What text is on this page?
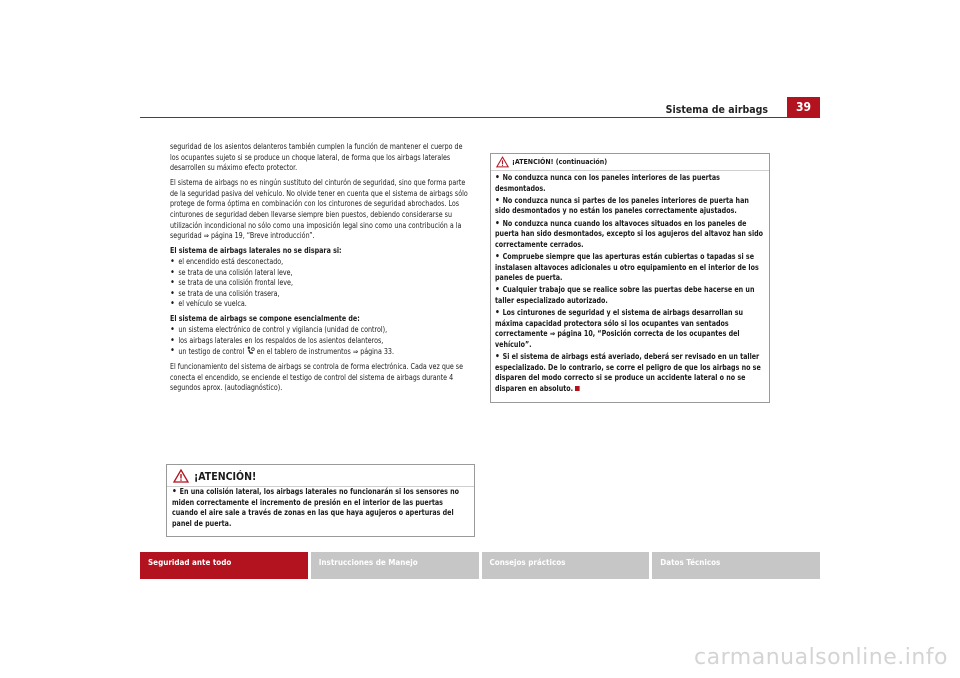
Sistema de airbags	39

seguridad de los asientos delanteros también cumplen la función de mantener el cuerpo de los ocupantes sujeto si se produce un choque lateral, de forma que los airbags laterales desarrollen su máximo efecto protector.

El sistema de airbags no es ningún sustituto del cinturón de seguridad, sino que forma parte de la seguridad pasiva del vehículo. No olvide tener en cuenta que el sistema de airbags sólo protege de forma óptima en combinación con los cinturones de seguridad abrochados. Los cinturones de seguridad deben llevarse siempre bien puestos, debiendo considerarse su utilización incondicional no sólo como una imposición legal sino como una contribución a la seguridad ⇒ página 19, “Breve introducción”.

El sistema de airbags laterales no se dispara si:

• el encendido está desconectado,
• se trata de una colisión lateral leve,
• se trata de una colisión frontal leve,
• se trata de una colisión trasera,
• el vehículo se vuelca.

El sistema de airbags se compone esencialmente de:

• un sistema electrónico de control y vigilancia (unidad de control),
• los airbags laterales en los respaldos de los asientos delanteros,
• un testigo de control en el tablero de instrumentos ⇒ página 33.

El funcionamiento del sistema de airbags se controla de forma electrónica. Cada vez que se conecta el encendido, se enciende el testigo de control del sistema de airbags durante 4 segundos aprox. (autodiagnóstico).

¡ATENCIÓN!
• En una colisión lateral, los airbags laterales no funcionarán si los sensores no miden correctamente el incremento de presión en el interior de las puertas cuando el aire sale a través de zonas en las que haya agujeros o aperturas del panel de puerta.
¡ATENCIÓN! (continuación)
• No conduzca nunca con los paneles interiores de las puertas desmontados.
• No conduzca nunca si partes de los paneles interiores de puerta han sido desmontados y no están los paneles correctamente ajustados.
• No conduzca nunca cuando los altavoces situados en los paneles de puerta han sido desmontados, excepto si los agujeros del altavoz han sido correctamente cerrados.
• Compruebe siempre que las aperturas están cubiertas o tapadas si se instalasen altavoces adicionales u otro equipamiento en el interior de los paneles de puerta.
• Cualquier trabajo que se realice sobre las puertas debe hacerse en un taller especializado autorizado.
• Los cinturones de seguridad y el sistema de airbags desarrollan su máxima capacidad protectora sólo si los ocupantes van sentados correctamente ⇒ página 10, “Posición correcta de los ocupantes del vehículo”.
• Si el sistema de airbags está averiado, deberá ser revisado en un taller especializado. De lo contrario, se corre el peligro de que los airbags no se disparen del modo correcto si se produce un accidente lateral o no se disparen en absoluto.
Seguridad ante todo	Instrucciones de Manejo	Consejos prácticos	Datos Técnicos
carmanualsonline.info
